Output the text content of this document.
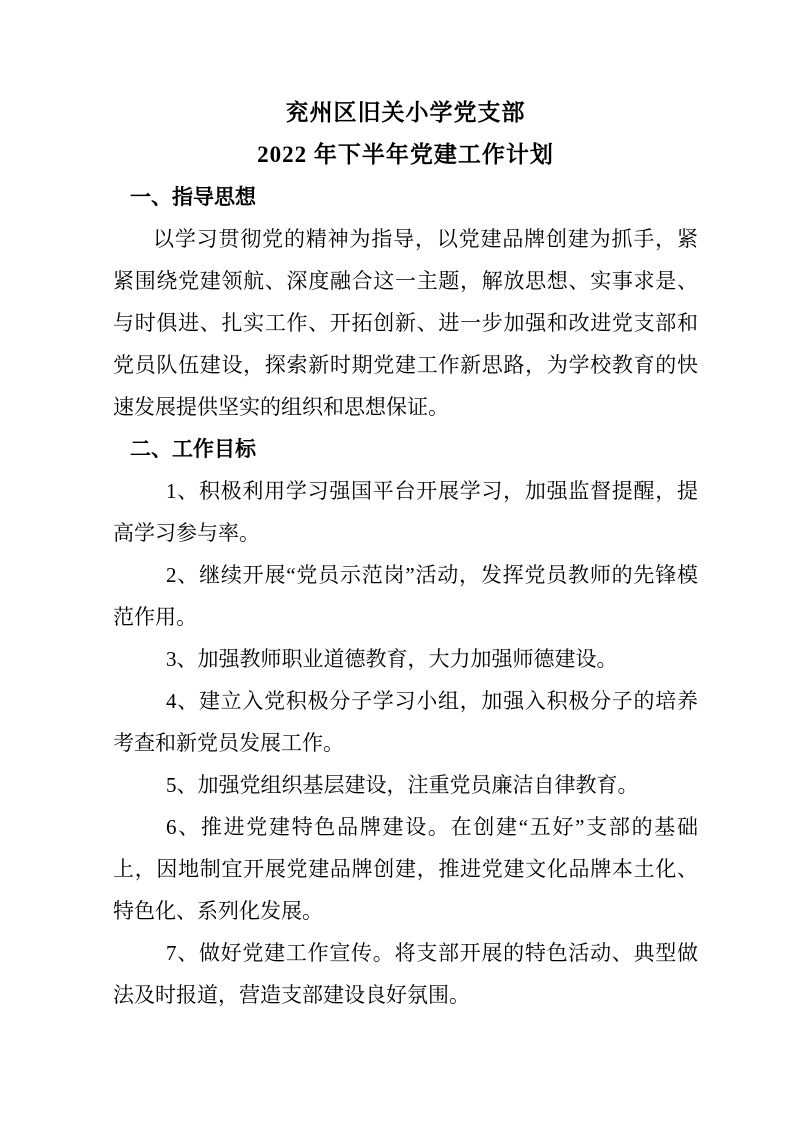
兖州区旧关小学党支部
2022 年下半年党建工作计划
一、指导思想

以学习贯彻党的精神为指导，以党建品牌创建为抓手，紧紧围绕党建领航、深度融合这一主题，解放思想、实事求是、与时俱进、扎实工作、开拓创新、进一步加强和改进党支部和党员队伍建设，探索新时期党建工作新思路，为学校教育的快速发展提供坚实的组织和思想保证。

二、工作目标

1、积极利用学习强国平台开展学习，加强监督提醒，提高学习参与率。

2、继续开展“党员示范岗”活动，发挥党员教师的先锋模范作用。

3、加强教师职业道德教育，大力加强师德建设。

4、建立入党积极分子学习小组，加强入积极分子的培养考查和新党员发展工作。

5、加强党组织基层建设，注重党员廉洁自律教育。

6、推进党建特色品牌建设。在创建“五好”支部的基础上，因地制宜开展党建品牌创建，推进党建文化品牌本土化、特色化、系列化发展。

7、做好党建工作宣传。将支部开展的特色活动、典型做法及时报道，营造支部建设良好氛围。
